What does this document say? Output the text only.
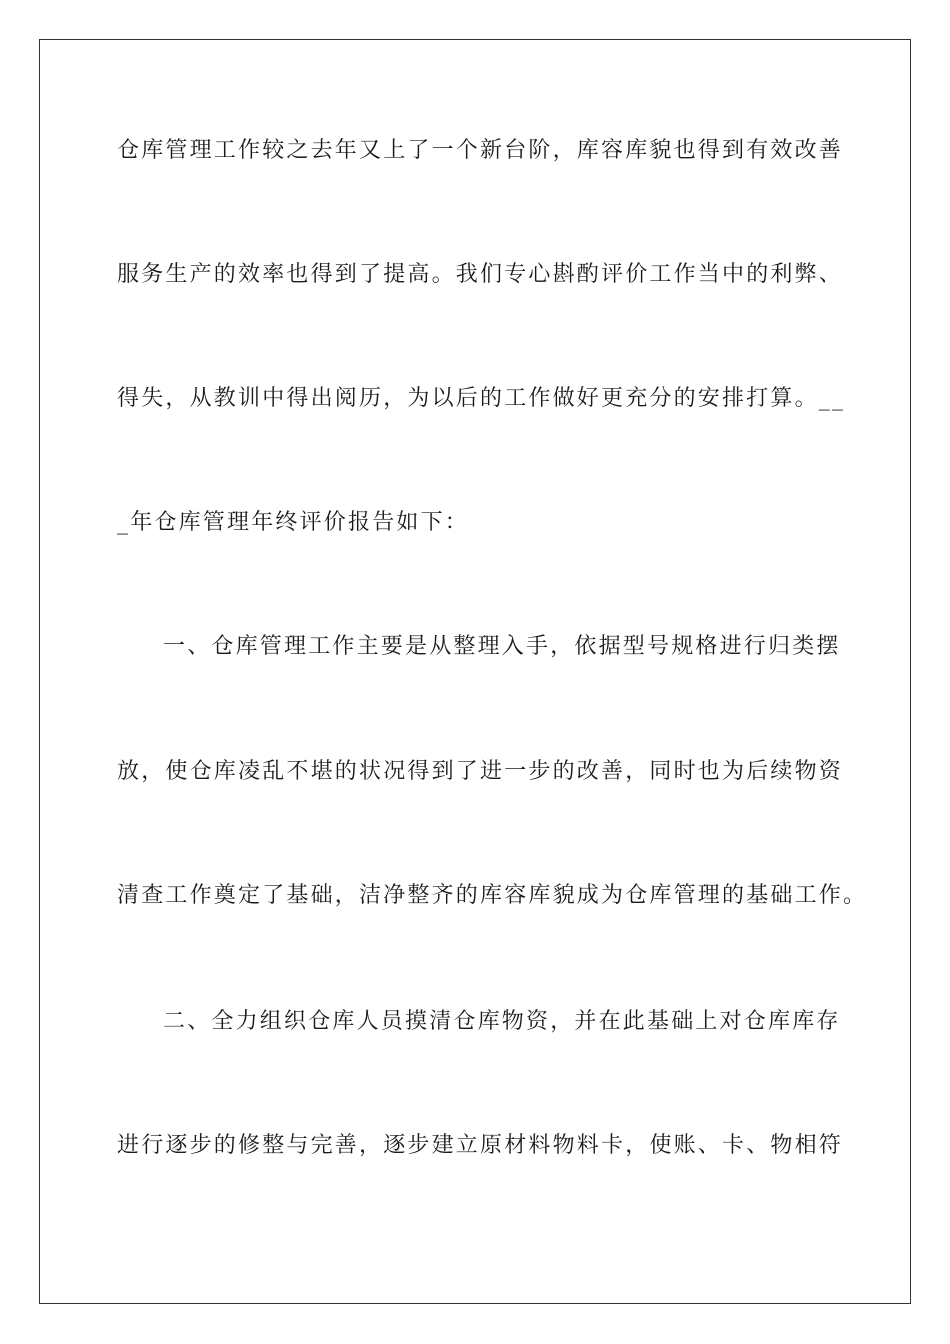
仓库管理工作较之去年又上了一个新台阶，库容库貌也得到有效改善
服务生产的效率也得到了提高。我们专心斟酌评价工作当中的利弊、
得失，从教训中得出阅历，为以后的工作做好更充分的安排打算。__
_年仓库管理年终评价报告如下：
一、仓库管理工作主要是从整理入手，依据型号规格进行归类摆
放，使仓库凌乱不堪的状况得到了进一步的改善，同时也为后续物资
清查工作奠定了基础，洁净整齐的库容库貌成为仓库管理的基础工作。
二、全力组织仓库人员摸清仓库物资，并在此基础上对仓库库存
进行逐步的修整与完善，逐步建立原材料物料卡，使账、卡、物相符
